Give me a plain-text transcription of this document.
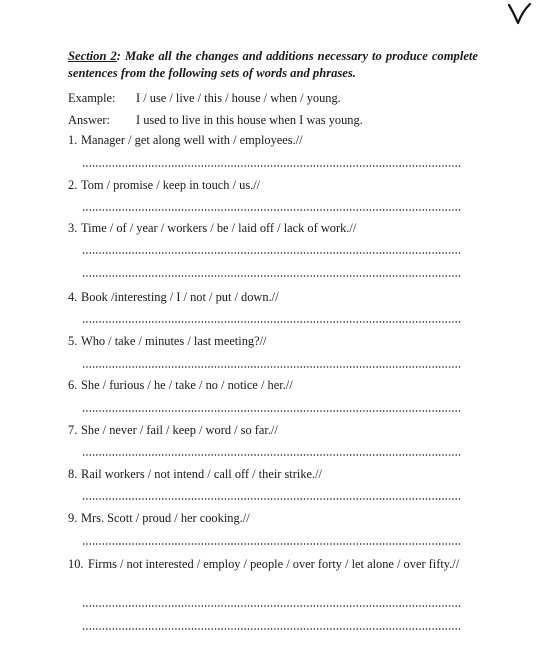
Section 2: Make all the changes and additions necessary to produce complete sentences from the following sets of words and phrases.
Example: I / use / live / this / house / when / young.
Answer: I used to live in this house when I was young.
1. Manager / get along well with / employees.//
2. Tom / promise / keep in touch / us.//
3. Time / of / year / workers / be / laid off / lack of work.//
4. Book /interesting / I / not / put / down.//
5. Who / take / minutes / last meeting?//
6. She / furious / he / take / no / notice / her.//
7. She / never / fail / keep / word / so far.//
8. Rail workers / not intend / call off / their strike.//
9. Mrs. Scott / proud / her cooking.//
10. Firms / not interested / employ / people / over forty / let alone / over fifty.//
